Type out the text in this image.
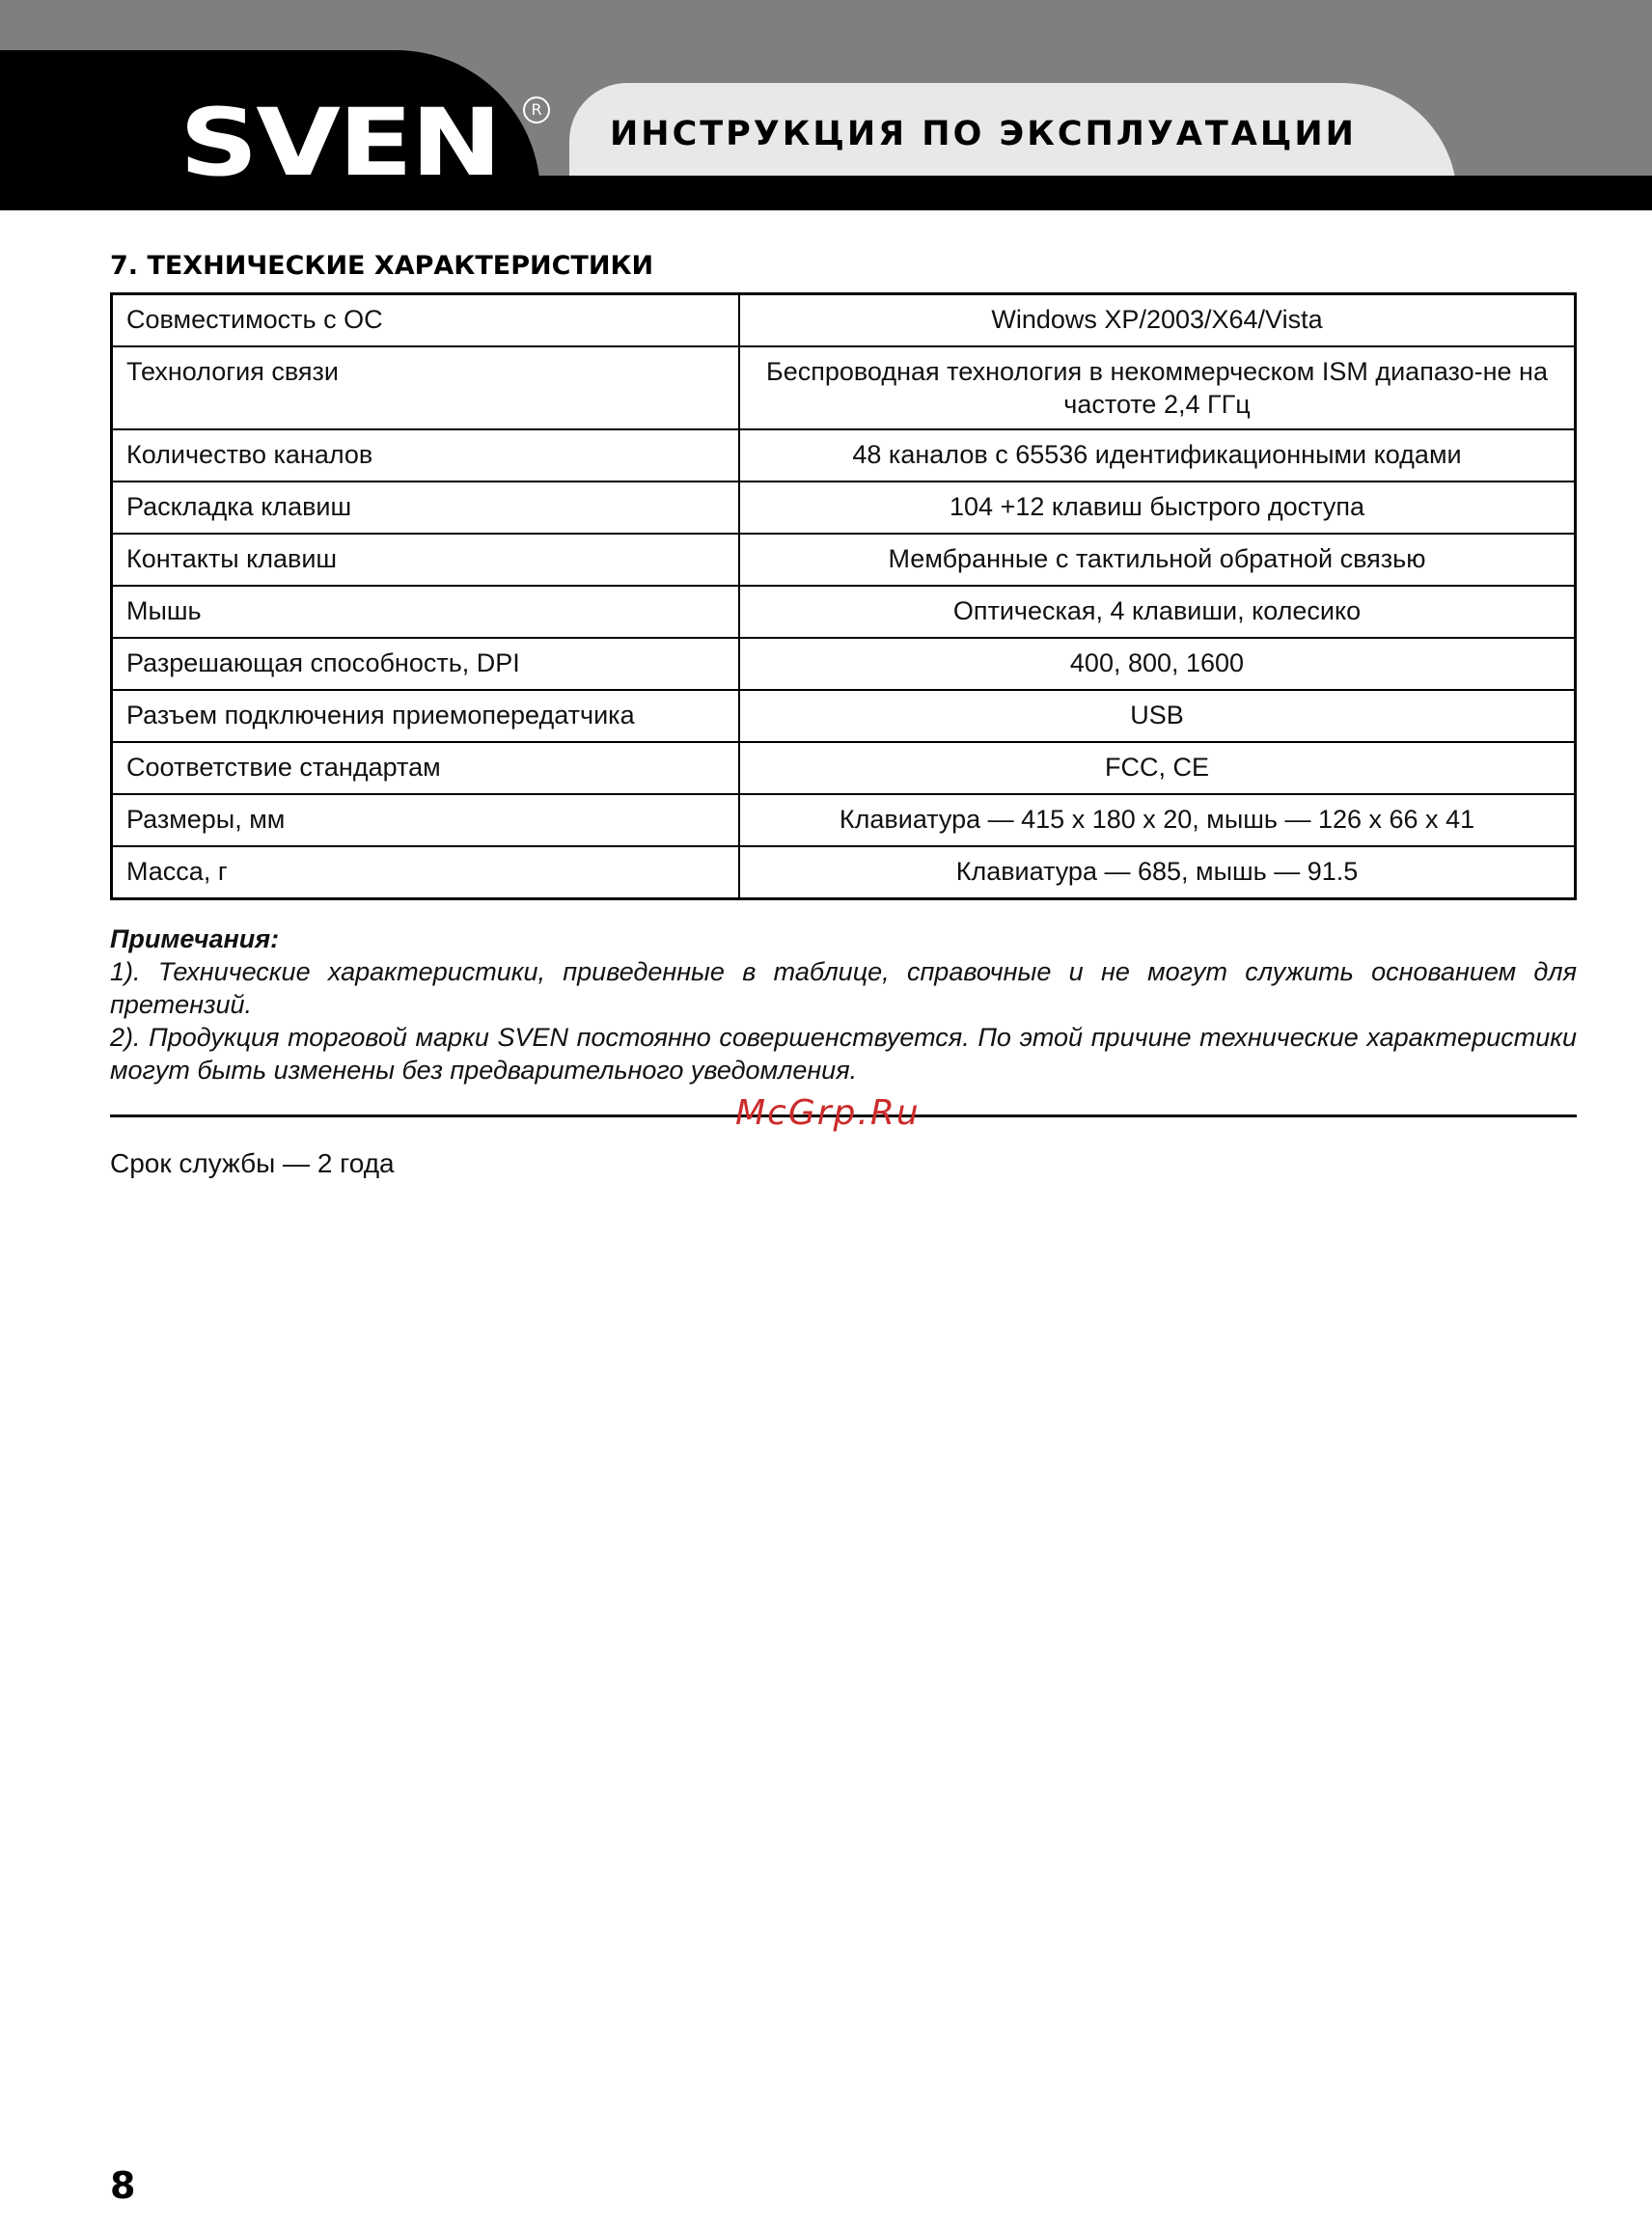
SVEN	R
ИНСТРУКЦИЯ ПО ЭКСПЛУАТАЦИИ
7. ТЕХНИЧЕСКИЕ ХАРАКТЕРИСТИКИ
Совместимость с ОС	Windows XP/2003/X64/Vista
Технология связи	Беспроводная технология в некоммерческом ISM диапазо-не на частоте 2,4 ГГц
Количество каналов	48 каналов с 65536 идентификационными кодами
Раскладка клавиш	104 +12 клавиш быстрого доступа
Контакты клавиш	Мембранные с тактильной обратной связью
Мышь	Оптическая, 4 клавиши, колесико
Разрешающая способность, DPI	400, 800, 1600
Разъем подключения приемопередатчика	USB
Соответствие стандартам	FCC, CE
Размеры, мм	Клавиатура — 415 x 180 x 20, мышь — 126 x 66 x 41
Масса, г	Клавиатура — 685, мышь — 91.5
Примечания:

1). Технические характеристики, приведенные в таблице, справочные и не могут служить основанием для претензий.

2). Продукция торговой марки SVEN постоянно совершенствуется. По этой причине технические характеристики могут быть изменены без предварительного уведомления.

McGrp.Ru
Срок службы — 2 года
8
